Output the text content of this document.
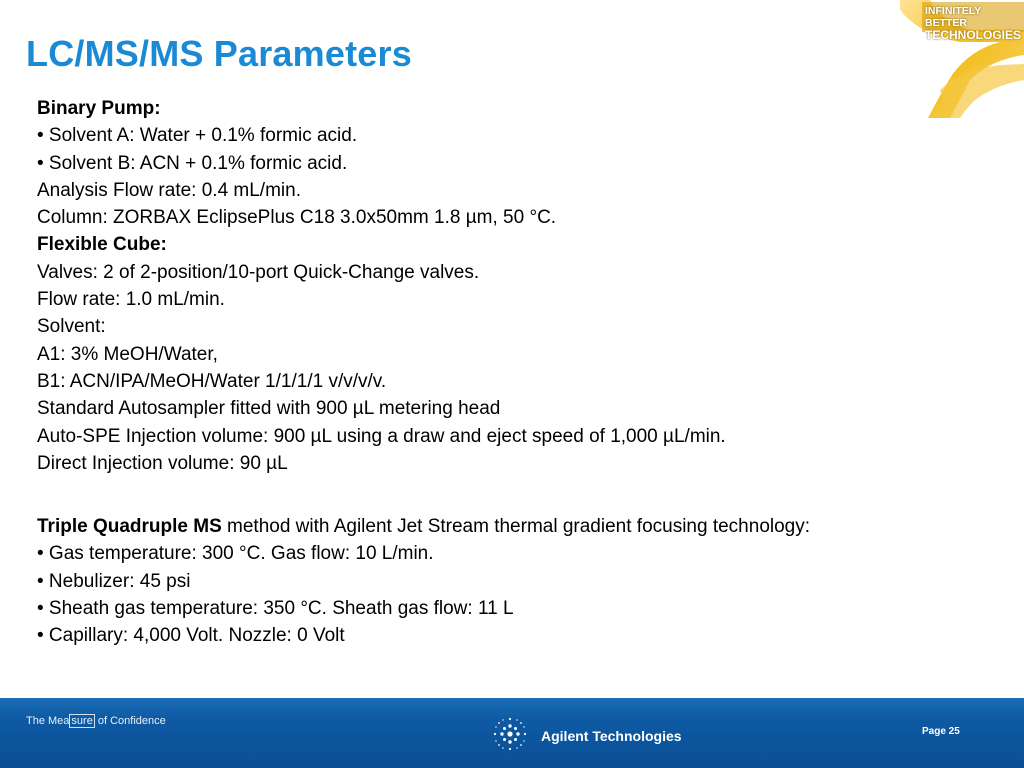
LC/MS/MS Parameters
INFINITELY BETTER
TECHNOLOGIES
Binary Pump:
• Solvent A: Water + 0.1% formic acid.
• Solvent B: ACN + 0.1% formic acid.
Analysis Flow rate: 0.4 mL/min.
Column: ZORBAX EclipsePlus C18 3.0x50mm 1.8 µm, 50 °C.
Flexible Cube:
Valves: 2 of 2-position/10-port Quick-Change valves.
Flow rate: 1.0 mL/min.
Solvent:
A1: 3% MeOH/Water,
B1: ACN/IPA/MeOH/Water 1/1/1/1 v/v/v/v.
Standard Autosampler fitted with 900 µL metering head
Auto-SPE Injection volume: 900 µL using a draw and eject speed of 1,000 µL/min.
Direct Injection volume: 90 µL
Triple Quadruple MS method with Agilent Jet Stream thermal gradient focusing technology:
• Gas temperature: 300 °C. Gas flow: 10 L/min.
• Nebulizer: 45 psi
• Sheath gas temperature: 350 °C. Sheath gas flow: 11 L
• Capillary: 4,000 Volt. Nozzle: 0 Volt
The Mea sure of Confidence
Agilent Technologies	Page 25
